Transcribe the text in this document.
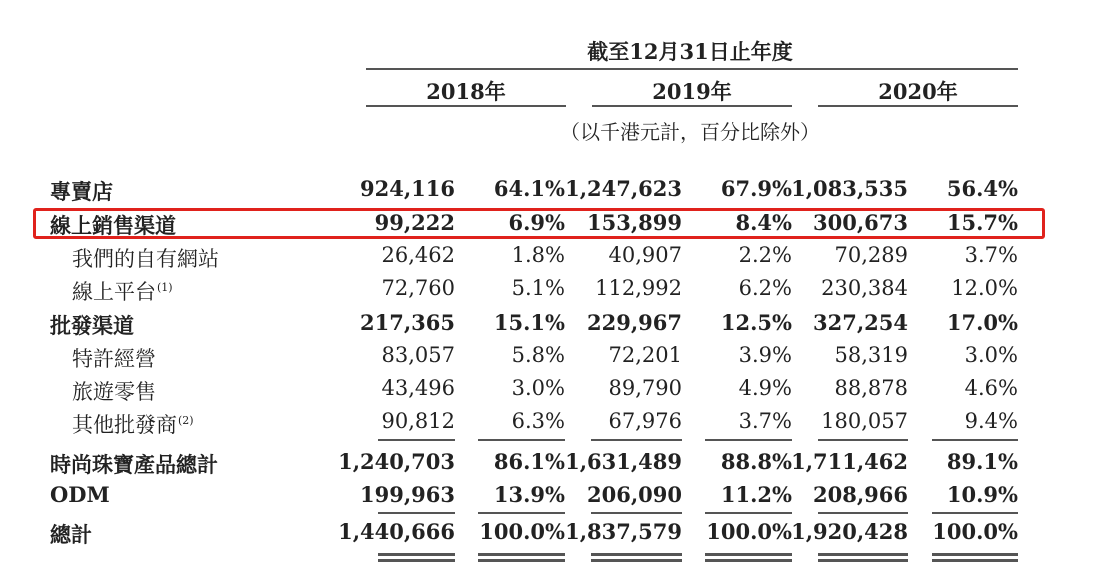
截至12月31日止年度
2018年	2019年	2020年
（以千港元計，百分比除外）
專賣店	924,116	64.1% 1,247,623	67.9% 1,083,535	56.4%
線上銷售渠道	99,222	6.9%	153,899	8.4%	300,673	15.7%
我們的自有網站	26,462	1.8%	40,907	2.2%	70,289	3.7%
線上平台$^{(1)}$	72,760	5.1%	112,992	6.2%	230,384	12.0%
批發渠道	217,365	15.1%	229,967	12.5%	327,254	17.0%
特許經營	83,057	5.8%	72,201	3.9%	58,319	3.0%
旅遊零售	43,496	3.0%	89,790	4.9%	88,878	4.6%
其他批發商$^{(2)}$	90,812	6.3%	67,976	3.7%	180,057	9.4%
時尚珠寶產品總計	1,240,703	86.1% 1,631,489	88.8% 1,711,462	89.1%
ODM	199,963	13.9%	206,090	11.2%	208,966	10.9%
總計	1,440,666	100.0% 1,837,579	100.0% 1,920,428	100.0%
